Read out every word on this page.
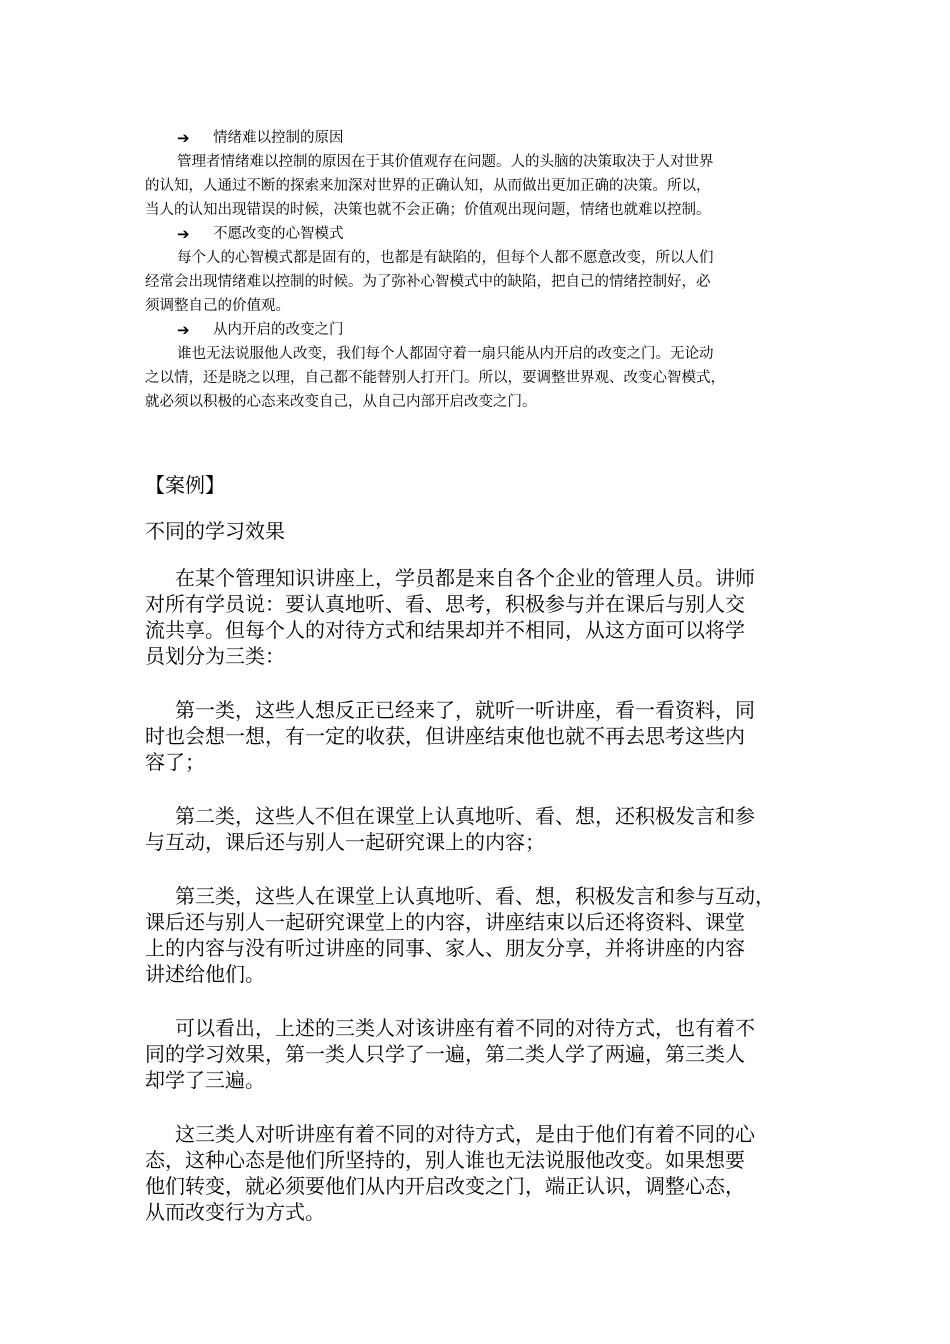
➔	情绪难以控制的原因

管理者情绪难以控制的原因在于其价值观存在问题。人的头脑的决策取决于人对世界
的认知，人通过不断的探索来加深对世界的正确认知，从而做出更加正确的决策。所以，
当人的认知出现错误的时候，决策也就不会正确；价值观出现问题，情绪也就难以控制。

➔	不愿改变的心智模式

每个人的心智模式都是固有的，也都是有缺陷的，但每个人都不愿意改变，所以人们
经常会出现情绪难以控制的时候。为了弥补心智模式中的缺陷，把自己的情绪控制好，必
须调整自己的价值观。

➔	从内开启的改变之门

谁也无法说服他人改变，我们每个人都固守着一扇只能从内开启的改变之门。无论动
之以情，还是晓之以理，自己都不能替别人打开门。所以，要调整世界观、改变心智模式，
就必须以积极的心态来改变自己，从自己内部开启改变之门。

【案例】
不同的学习效果

在某个管理知识讲座上，学员都是来自各个企业的管理人员。讲师
对所有学员说：要认真地听、看、思考，积极参与并在课后与别人交
流共享。但每个人的对待方式和结果却并不相同，从这方面可以将学
员划分为三类：

第一类，这些人想反正已经来了，就听一听讲座，看一看资料，同
时也会想一想，有一定的收获，但讲座结束他也就不再去思考这些内
容了；

第二类，这些人不但在课堂上认真地听、看、想，还积极发言和参
与互动，课后还与别人一起研究课上的内容；

第三类，这些人在课堂上认真地听、看、想，积极发言和参与互动，
课后还与别人一起研究课堂上的内容，讲座结束以后还将资料、课堂
上的内容与没有听过讲座的同事、家人、朋友分享，并将讲座的内容
讲述给他们。

可以看出，上述的三类人对该讲座有着不同的对待方式，也有着不
同的学习效果，第一类人只学了一遍，第二类人学了两遍，第三类人
却学了三遍。

这三类人对听讲座有着不同的对待方式，是由于他们有着不同的心
态，这种心态是他们所坚持的，别人谁也无法说服他改变。如果想要
他们转变，就必须要他们从内开启改变之门，端正认识，调整心态，
从而改变行为方式。
